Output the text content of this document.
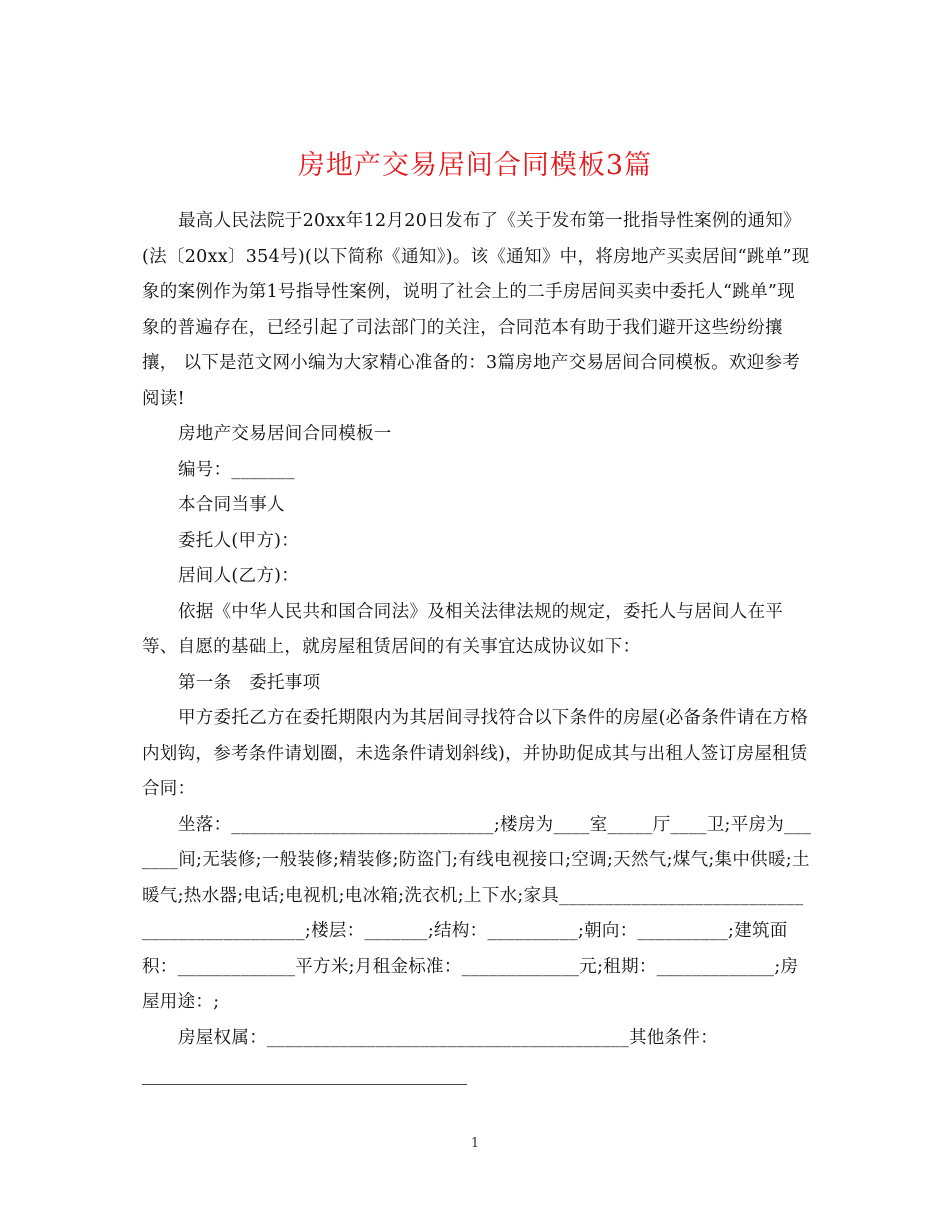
房地产交易居间合同模板3篇

最高人民法院于20xx年12月20日发布了《关于发布第一批指导性案例的通知》(法〔20xx〕354号)(以下简称《通知》)。该《通知》中，将房地产买卖居间“跳单”现象的案例作为第1号指导性案例，说明了社会上的二手房居间买卖中委托人“跳单”现象的普遍存在，已经引起了司法部门的关注，合同范本有助于我们避开这些纷纷攘攘， 以下是范文网小编为大家精心准备的：3篇房地产交易居间合同模板。欢迎参考阅读!

房地产交易居间合同模板一

编号：_______

本合同当事人

委托人(甲方)：

居间人(乙方)：

依据《中华人民共和国合同法》及相关法律法规的规定，委托人与居间人在平等、自愿的基础上，就房屋租赁居间的有关事宜达成协议如下：

第一条　委托事项

甲方委托乙方在委托期限内为其居间寻找符合以下条件的房屋(必备条件请在方格内划钩，参考条件请划圈，未选条件请划斜线)，并协助促成其与出租人签订房屋租赁合同：

坐落：_____________________________;楼房为____室_____厅____卫;平房为_______间;无装修;一般装修;精装修;防盗门;有线电视接口;空调;天然气;煤气;集中供暖;土暖气;热水器;电话;电视机;电冰箱;洗衣机;上下水;家具_____________________________________________;楼层：_______;结构：__________;朝向：__________;建筑面积：_____________平方米;月租金标准：_____________元;租期：_____________;房屋用途：;

房屋权属：________________________________________其他条件：

1
